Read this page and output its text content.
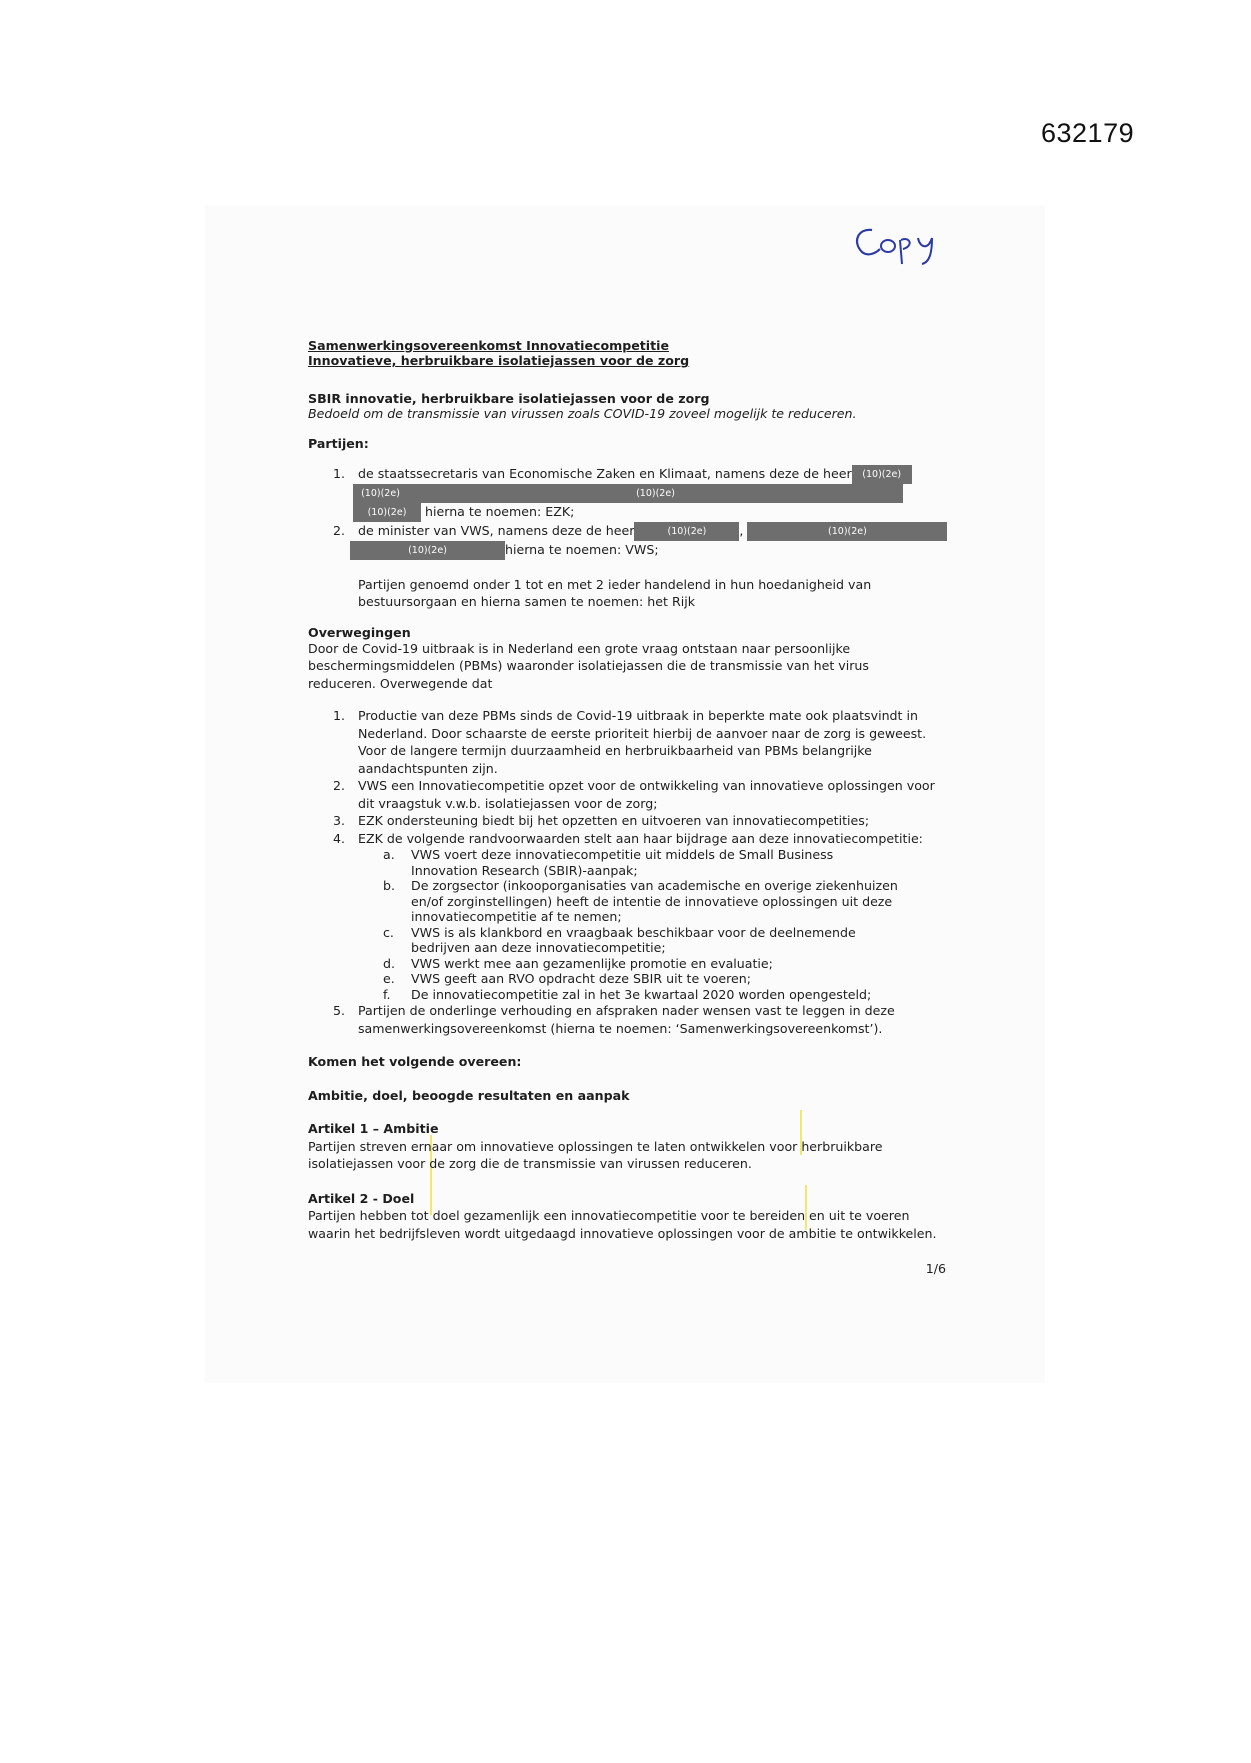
632179
Copy
Samenwerkingsovereenkomst Innovatiecompetitie
Innovatieve, herbruikbare isolatiejassen voor de zorg
SBIR innovatie, herbruikbare isolatiejassen voor de zorg
Bedoeld om de transmissie van virussen zoals COVID-19 zoveel mogelijk te reduceren.
Partijen:
1. de staatssecretaris van Economische Zaken en Klimaat, namens deze de heer (10)(2e)
(10)(2e)	(10)(2e)
(10)(2e) hierna te noemen: EZK;
2. de minister van VWS, namens deze de heer	(10)(2e)	,	(10)(2e)
(10)(2e)	hierna te noemen: VWS;
Partijen genoemd onder 1 tot en met 2 ieder handelend in hun hoedanigheid van bestuursorgaan en hierna samen te noemen: het Rijk
Overwegingen
Door de Covid-19 uitbraak is in Nederland een grote vraag ontstaan naar persoonlijke beschermingsmiddelen (PBMs) waaronder isolatiejassen die de transmissie van het virus reduceren. Overwegende dat
1. Productie van deze PBMs sinds de Covid-19 uitbraak in beperkte mate ook plaatsvindt in Nederland. Door schaarste de eerste prioriteit hierbij de aanvoer naar de zorg is geweest. Voor de langere termijn duurzaamheid en herbruikbaarheid van PBMs belangrijke aandachtspunten zijn.
2. VWS een Innovatiecompetitie opzet voor de ontwikkeling van innovatieve oplossingen voor dit vraagstuk v.w.b. isolatiejassen voor de zorg;
3. EZK ondersteuning biedt bij het opzetten en uitvoeren van innovatiecompetities;
4. EZK de volgende randvoorwaarden stelt aan haar bijdrage aan deze innovatiecompetitie:
a. VWS voert deze innovatiecompetitie uit middels de Small Business Innovation Research (SBIR)-aanpak;
b. De zorgsector (inkooporganisaties van academische en overige ziekenhuizen en/of zorginstellingen) heeft de intentie de innovatieve oplossingen uit deze innovatiecompetitie af te nemen;
c. VWS is als klankbord en vraagbaak beschikbaar voor de deelnemende bedrijven aan deze innovatiecompetitie;
d. VWS werkt mee aan gezamenlijke promotie en evaluatie;
e. VWS geeft aan RVO opdracht deze SBIR uit te voeren;
f. De innovatiecompetitie zal in het 3e kwartaal 2020 worden opengesteld;
5. Partijen de onderlinge verhouding en afspraken nader wensen vast te leggen in deze samenwerkingsovereenkomst (hierna te noemen: ‘Samenwerkingsovereenkomst’).
Komen het volgende overeen:
Ambitie, doel, beoogde resultaten en aanpak
Artikel 1 – Ambitie
Partijen streven ernaar om innovatieve oplossingen te laten ontwikkelen voor herbruikbare isolatiejassen voor de zorg die de transmissie van virussen reduceren.
Artikel 2 - Doel
Partijen hebben tot doel gezamenlijk een innovatiecompetitie voor te bereiden en uit te voeren waarin het bedrijfsleven wordt uitgedaagd innovatieve oplossingen voor de ambitie te ontwikkelen.
1/6
